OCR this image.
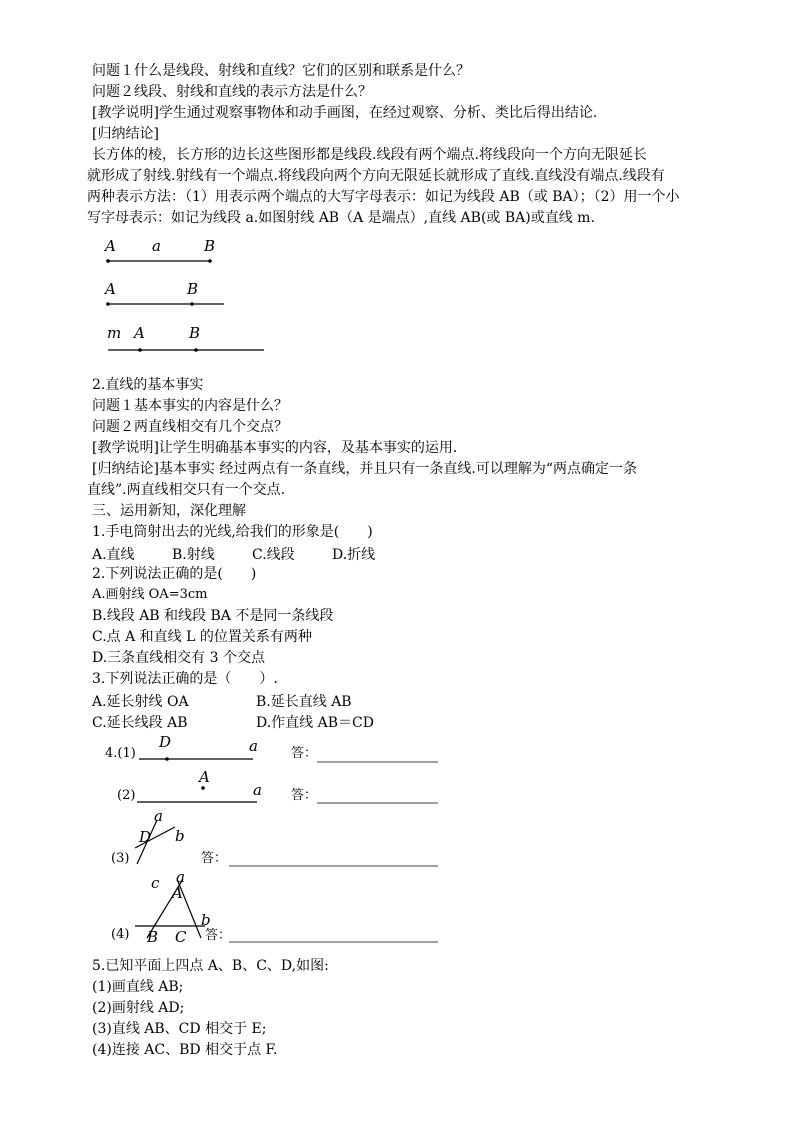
问题１什么是线段、射线和直线？它们的区别和联系是什么？
问题２线段、射线和直线的表示方法是什么？
[教学说明]学生通过观察事物体和动手画图，在经过观察、分析、类比后得出结论.
[归纳结论]
长方体的棱，长方形的边长这些图形都是线段.线段有两个端点.将线段向一个方向无限延长
就形成了射线.射线有一个端点.将线段向两个方向无限延长就形成了直线.直线没有端点.线段有
两种表示方法：（1）用表示两个端点的大写字母表示：如记为线段 AB（或 BA）；（2）用一个小
写字母表示：如记为线段 a.如图射线 AB（A 是端点）,直线 AB(或 BA)或直线 m.
A a	B
A	B
m A	B
2.直线的基本事实
问题１基本事实的内容是什么？
问题２两直线相交有几个交点？
[教学说明]让学生明确基本事实的内容，及基本事实的运用.
[归纳结论]基本事实 经过两点有一条直线，并且只有一条直线.可以理解为“两点确定一条
直线”.两直线相交只有一个交点.
三、运用新知，深化理解
1.手电筒射出去的光线,给我们的形象是(　　)
A.直线	B.射线	C.线段	D.折线
2.下列说法正确的是(　　)
A.画射线 OA=3cm
B.线段 AB 和线段 BA 不是同一条线段
C.点 A 和直线 L 的位置关系有两种
D.三条直线相交有 3 个交点
3.下列说法正确的是（　　）.
A.延长射线 OA	B.延长直线 AB
C.延长线段 AB	D.作直线 AB＝CD
4.(1)
D	a	答：
(2)
A
a 答：
(3)
a
D b
答：
(4)
c a
A
b
B C 答：
5.已知平面上四点 A、B、C、D,如图:
(1)画直线 AB;
(2)画射线 AD;
(3)直线 AB、CD 相交于 E;
(4)连接 AC、BD 相交于点 F.
